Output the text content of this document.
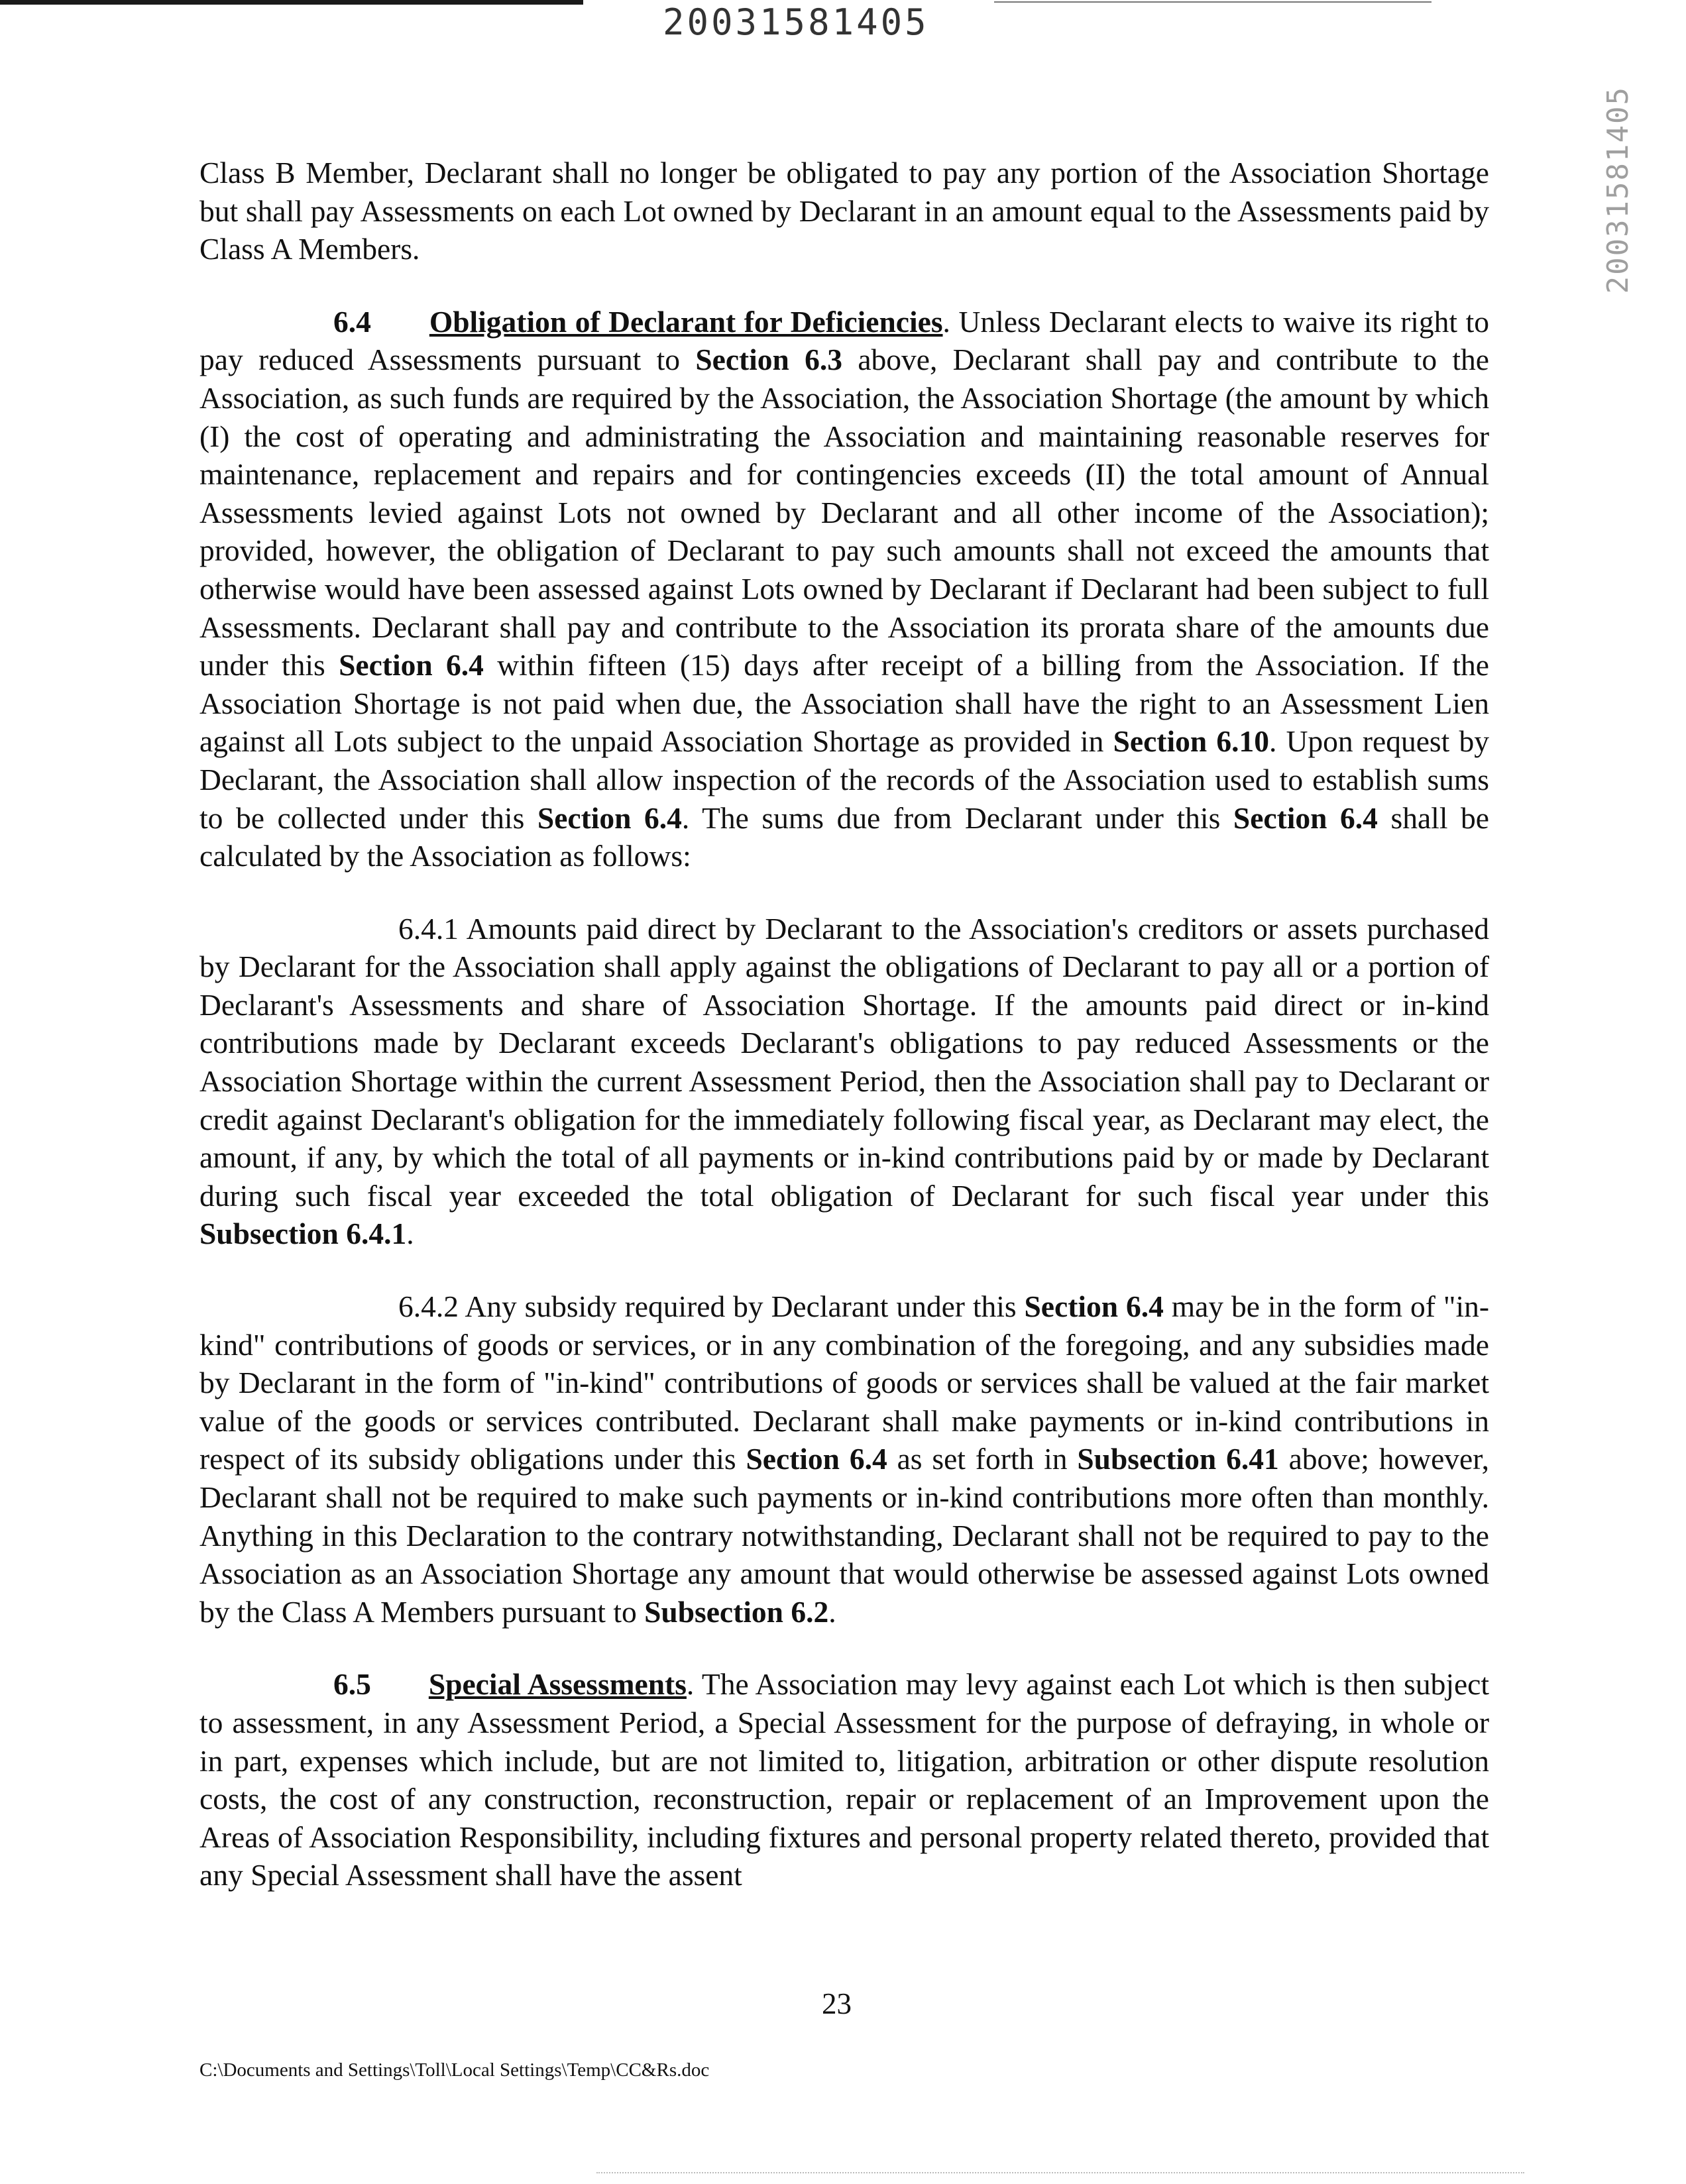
20031581405
20031581405

Class B Member, Declarant shall no longer be obligated to pay any portion of the Association Shortage but shall pay Assessments on each Lot owned by Declarant in an amount equal to the Assessments paid by Class A Members.

6.4 Obligation of Declarant for Deficiencies. Unless Declarant elects to waive its right to pay reduced Assessments pursuant to Section 6.3 above, Declarant shall pay and contribute to the Association, as such funds are required by the Association, the Association Shortage (the amount by which (I) the cost of operating and administrating the Association and maintaining reasonable reserves for maintenance, replacement and repairs and for contingencies exceeds (II) the total amount of Annual Assessments levied against Lots not owned by Declarant and all other income of the Association); provided, however, the obligation of Declarant to pay such amounts shall not exceed the amounts that otherwise would have been assessed against Lots owned by Declarant if Declarant had been subject to full Assessments. Declarant shall pay and contribute to the Association its prorata share of the amounts due under this Section 6.4 within fifteen (15) days after receipt of a billing from the Association. If the Association Shortage is not paid when due, the Association shall have the right to an Assessment Lien against all Lots subject to the unpaid Association Shortage as provided in Section 6.10. Upon request by Declarant, the Association shall allow inspection of the records of the Association used to establish sums to be collected under this Section 6.4. The sums due from Declarant under this Section 6.4 shall be calculated by the Association as follows:

6.4.1 Amounts paid direct by Declarant to the Association's creditors or assets purchased by Declarant for the Association shall apply against the obligations of Declarant to pay all or a portion of Declarant's Assessments and share of Association Shortage. If the amounts paid direct or in-kind contributions made by Declarant exceeds Declarant's obligations to pay reduced Assessments or the Association Shortage within the current Assessment Period, then the Association shall pay to Declarant or credit against Declarant's obligation for the immediately following fiscal year, as Declarant may elect, the amount, if any, by which the total of all payments or in-kind contributions paid by or made by Declarant during such fiscal year exceeded the total obligation of Declarant for such fiscal year under this Subsection 6.4.1.

6.4.2 Any subsidy required by Declarant under this Section 6.4 may be in the form of "in-kind" contributions of goods or services, or in any combination of the foregoing, and any subsidies made by Declarant in the form of "in-kind" contributions of goods or services shall be valued at the fair market value of the goods or services contributed. Declarant shall make payments or in-kind contributions in respect of its subsidy obligations under this Section 6.4 as set forth in Subsection 6.41 above; however, Declarant shall not be required to make such payments or in-kind contributions more often than monthly. Anything in this Declaration to the contrary notwithstanding, Declarant shall not be required to pay to the Association as an Association Shortage any amount that would otherwise be assessed against Lots owned by the Class A Members pursuant to Subsection 6.2.

6.5 Special Assessments. The Association may levy against each Lot which is then subject to assessment, in any Assessment Period, a Special Assessment for the purpose of defraying, in whole or in part, expenses which include, but are not limited to, litigation, arbitration or other dispute resolution costs, the cost of any construction, reconstruction, repair or replacement of an Improvement upon the Areas of Association Responsibility, including fixtures and personal property related thereto, provided that any Special Assessment shall have the assent

23
C:\Documents and Settings\Toll\Local Settings\Temp\CC&Rs.doc
